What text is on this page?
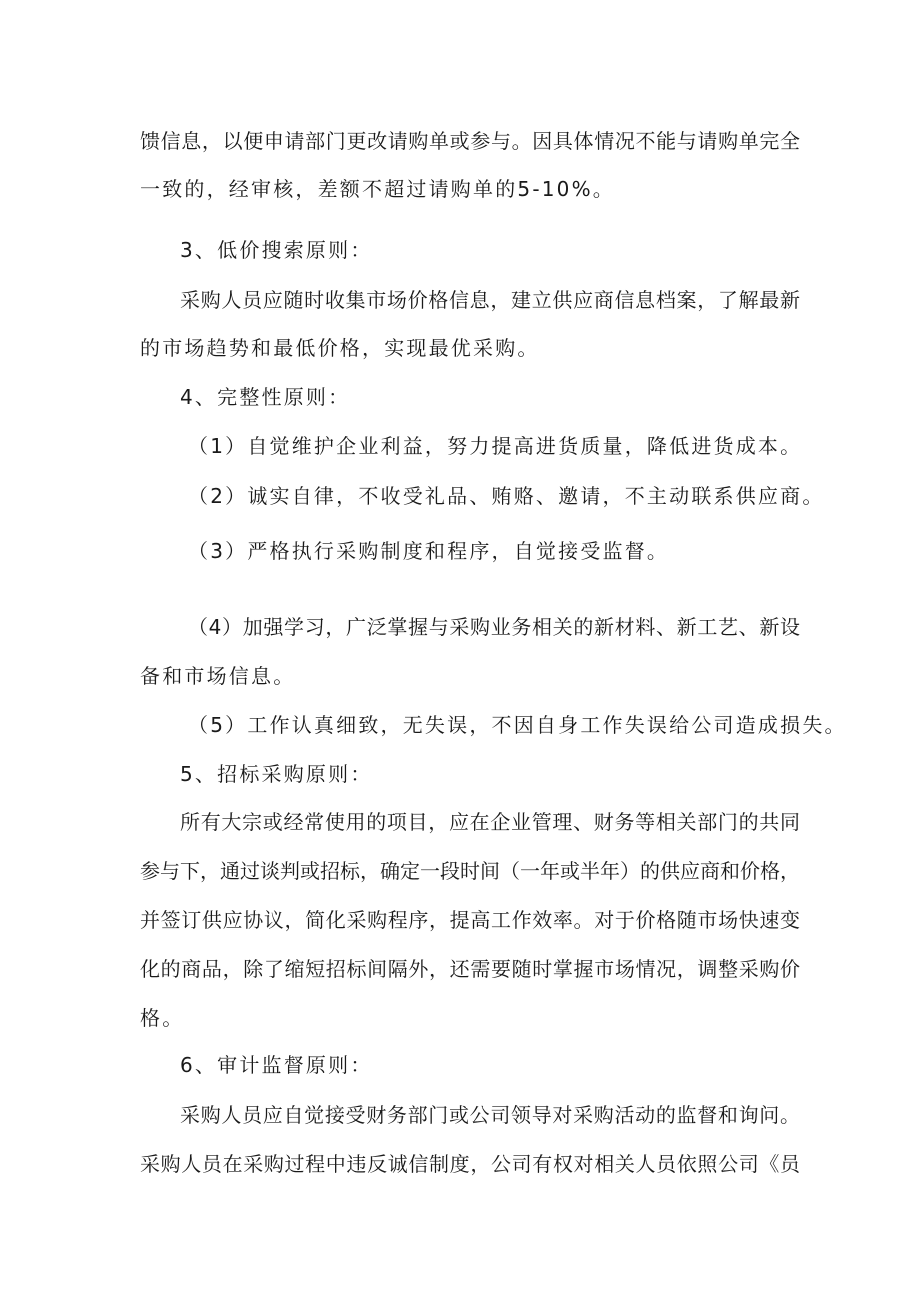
馈信息，以便申请部门更改请购单或参与。因具体情况不能与请购单完全
一致的，经审核，差额不超过请购单的5-10%。
3、低价搜索原则：
采购人员应随时收集市场价格信息，建立供应商信息档案，了解最新
的市场趋势和最低价格，实现最优采购。
4、完整性原则：
（1）自觉维护企业利益，努力提高进货质量，降低进货成本。
（2）诚实自律，不收受礼品、贿赂、邀请，不主动联系供应商。
（3）严格执行采购制度和程序，自觉接受监督。
（4）加强学习，广泛掌握与采购业务相关的新材料、新工艺、新设
备和市场信息。
（5）工作认真细致，无失误，不因自身工作失误给公司造成损失。
5、招标采购原则：
所有大宗或经常使用的项目，应在企业管理、财务等相关部门的共同
参与下，通过谈判或招标，确定一段时间（一年或半年）的供应商和价格，
并签订供应协议，简化采购程序，提高工作效率。对于价格随市场快速变
化的商品，除了缩短招标间隔外，还需要随时掌握市场情况，调整采购价
格。
6、审计监督原则：
采购人员应自觉接受财务部门或公司领导对采购活动的监督和询问。
采购人员在采购过程中违反诚信制度，公司有权对相关人员依照公司《员
